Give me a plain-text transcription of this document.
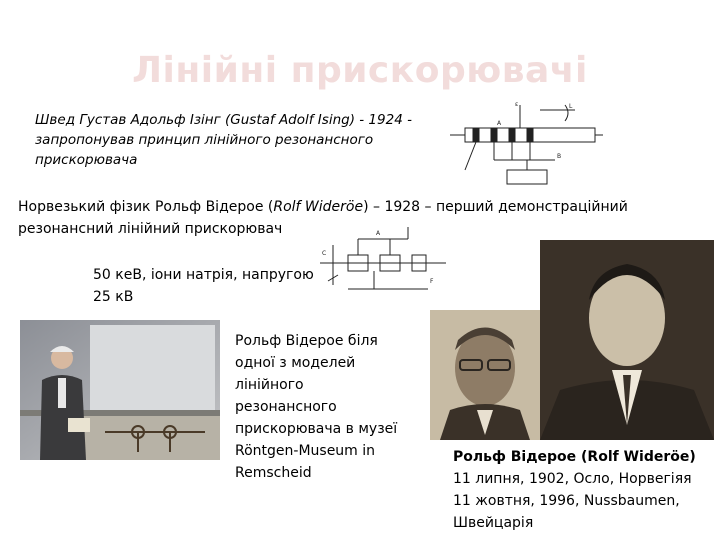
Лінійні прискорювачі
Швед Густав Адольф Ізінг (Gustaf Adolf Ising) - 1924 - запропонував принцип лінійного резонансного прискорювача
ε	L
A
B
Норвезький фізик Рольф Відерое (Rolf Wideröe) – 1928 – перший демонстраційний резонансний лінійний прискорювач	A
C
F
50 кеВ, іони натрія, напругою
25 кВ
Рольф Відерое біля одної з моделей лінійного резонансного прискорювача в музеї Röntgen-Museum in Remscheid
Рольф Відерое (Rolf Wideröe)
11 липня, 1902, Осло, Норвегіяя
11 жовтня, 1996, Nussbaumen, Швейцарія
